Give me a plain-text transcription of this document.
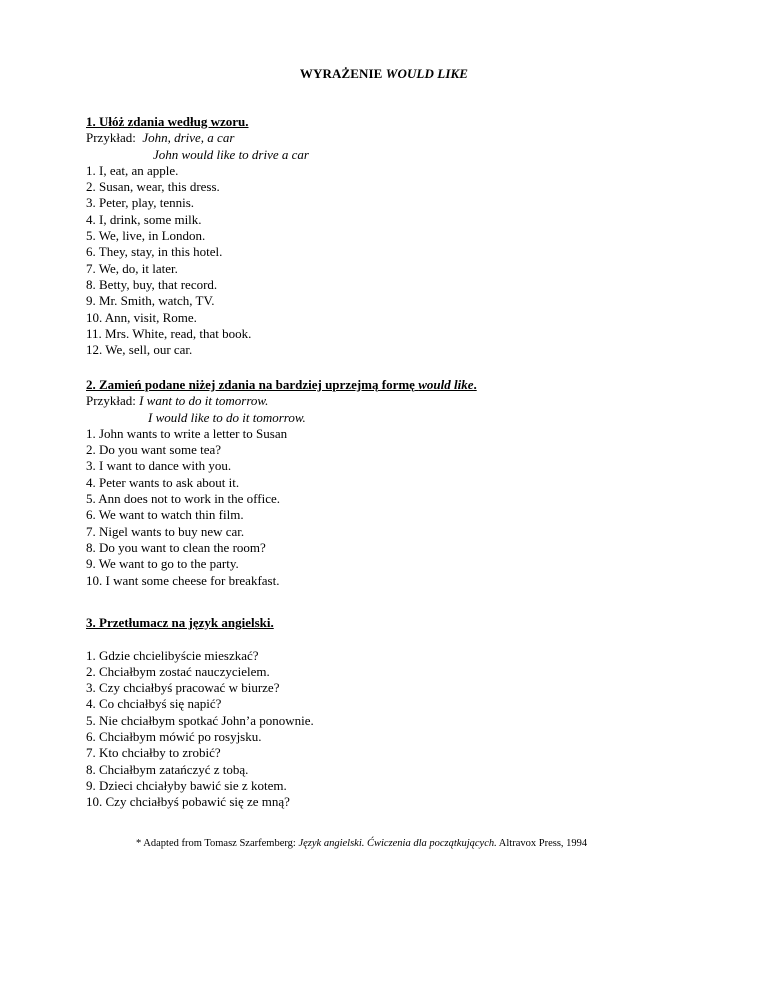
WYRAŻENIE WOULD LIKE
1. Ułóż zdania według wzoru.
Przykład:  John, drive, a car
John would like to drive a car
1. I, eat, an apple.
2. Susan, wear, this dress.
3. Peter, play, tennis.
4. I, drink, some milk.
5. We, live, in London.
6. They, stay, in this hotel.
7. We, do, it later.
8. Betty, buy, that record.
9. Mr. Smith, watch, TV.
10. Ann, visit, Rome.
11. Mrs. White, read, that book.
12. We, sell, our car.
2. Zamień podane niżej zdania na bardziej uprzejmą formę would like.
Przykład: I want to do it tomorrow.
I would like to do it tomorrow.
1. John wants to write a letter to Susan
2. Do you want some tea?
3. I want to dance with you.
4. Peter wants to ask about it.
5. Ann does not to work in the office.
6. We want to watch thin film.
7. Nigel wants to buy new car.
8. Do you want to clean the room?
9. We want to go to the party.
10. I want some cheese for breakfast.
3. Przetłumacz na język angielski.
1. Gdzie chcielibyście mieszkać?
2. Chciałbym zostać nauczycielem.
3. Czy chciałbyś pracować w biurze?
4. Co chciałbyś się napić?
5. Nie chciałbym spotkać John’a ponownie.
6. Chciałbym mówić po rosyjsku.
7. Kto chciałby to zrobić?
8. Chciałbym zatańczyć z tobą.
9. Dzieci chciałyby bawić sie z kotem.
10. Czy chciałbyś pobawić się ze mną?
* Adapted from Tomasz Szarfemberg: Język angielski. Ćwiczenia dla początkujących. Altravox Press, 1994
